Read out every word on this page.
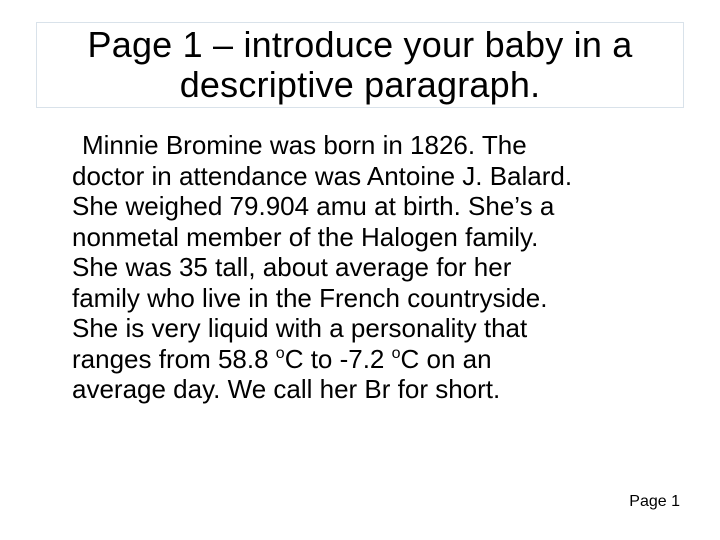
Page 1 – introduce your baby in a descriptive paragraph.

Minnie Bromine was born in 1826. The
doctor in attendance was Antoine J. Balard.
She weighed 79.904 amu at birth. She’s a
nonmetal member of the Halogen family.
She was 35 tall, about average for her
family who live in the French countryside.
She is very liquid with a personality that
ranges from 58.8 $^o$C to -7.2 $^o$C on an
average day. We call her Br for short.

Page 1
